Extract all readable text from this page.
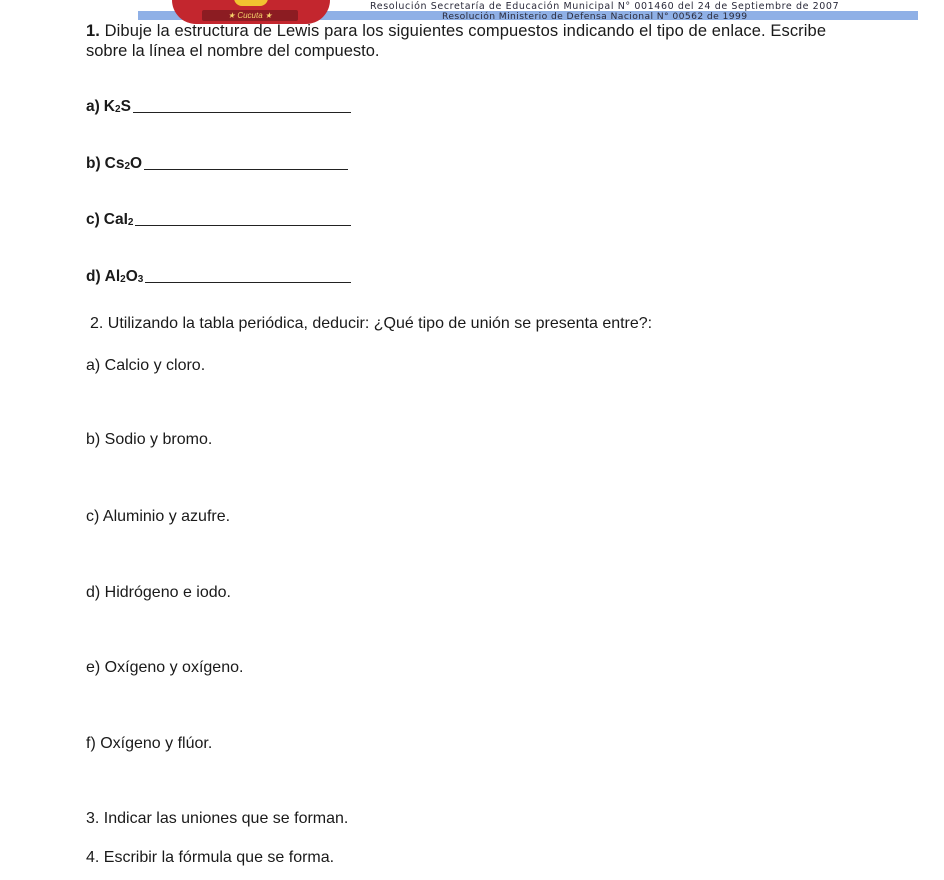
★ Cucuta ★
Resolución Secretaría de Educación Municipal N° 001460 del 24 de Septiembre de 2007
Resolución Ministerio de Defensa Nacional N° 00562 de 1999
1. Dibuje la estructura de Lewis para los siguientes compuestos indicando el tipo de enlace. Escribe
sobre la línea el nombre del compuesto.
a) $K_2S$
b) $Cs_2O$
c) CaI$_2$
d) $Al_2O_3$
2. Utilizando la tabla periódica, deducir: ¿Qué tipo de unión se presenta entre?:
a) Calcio y cloro.
b) Sodio y bromo.
c) Aluminio y azufre.
d) Hidrógeno e iodo.
e) Oxígeno y oxígeno.
f) Oxígeno y flúor.
3. Indicar las uniones que se forman.
4. Escribir la fórmula que se forma.
